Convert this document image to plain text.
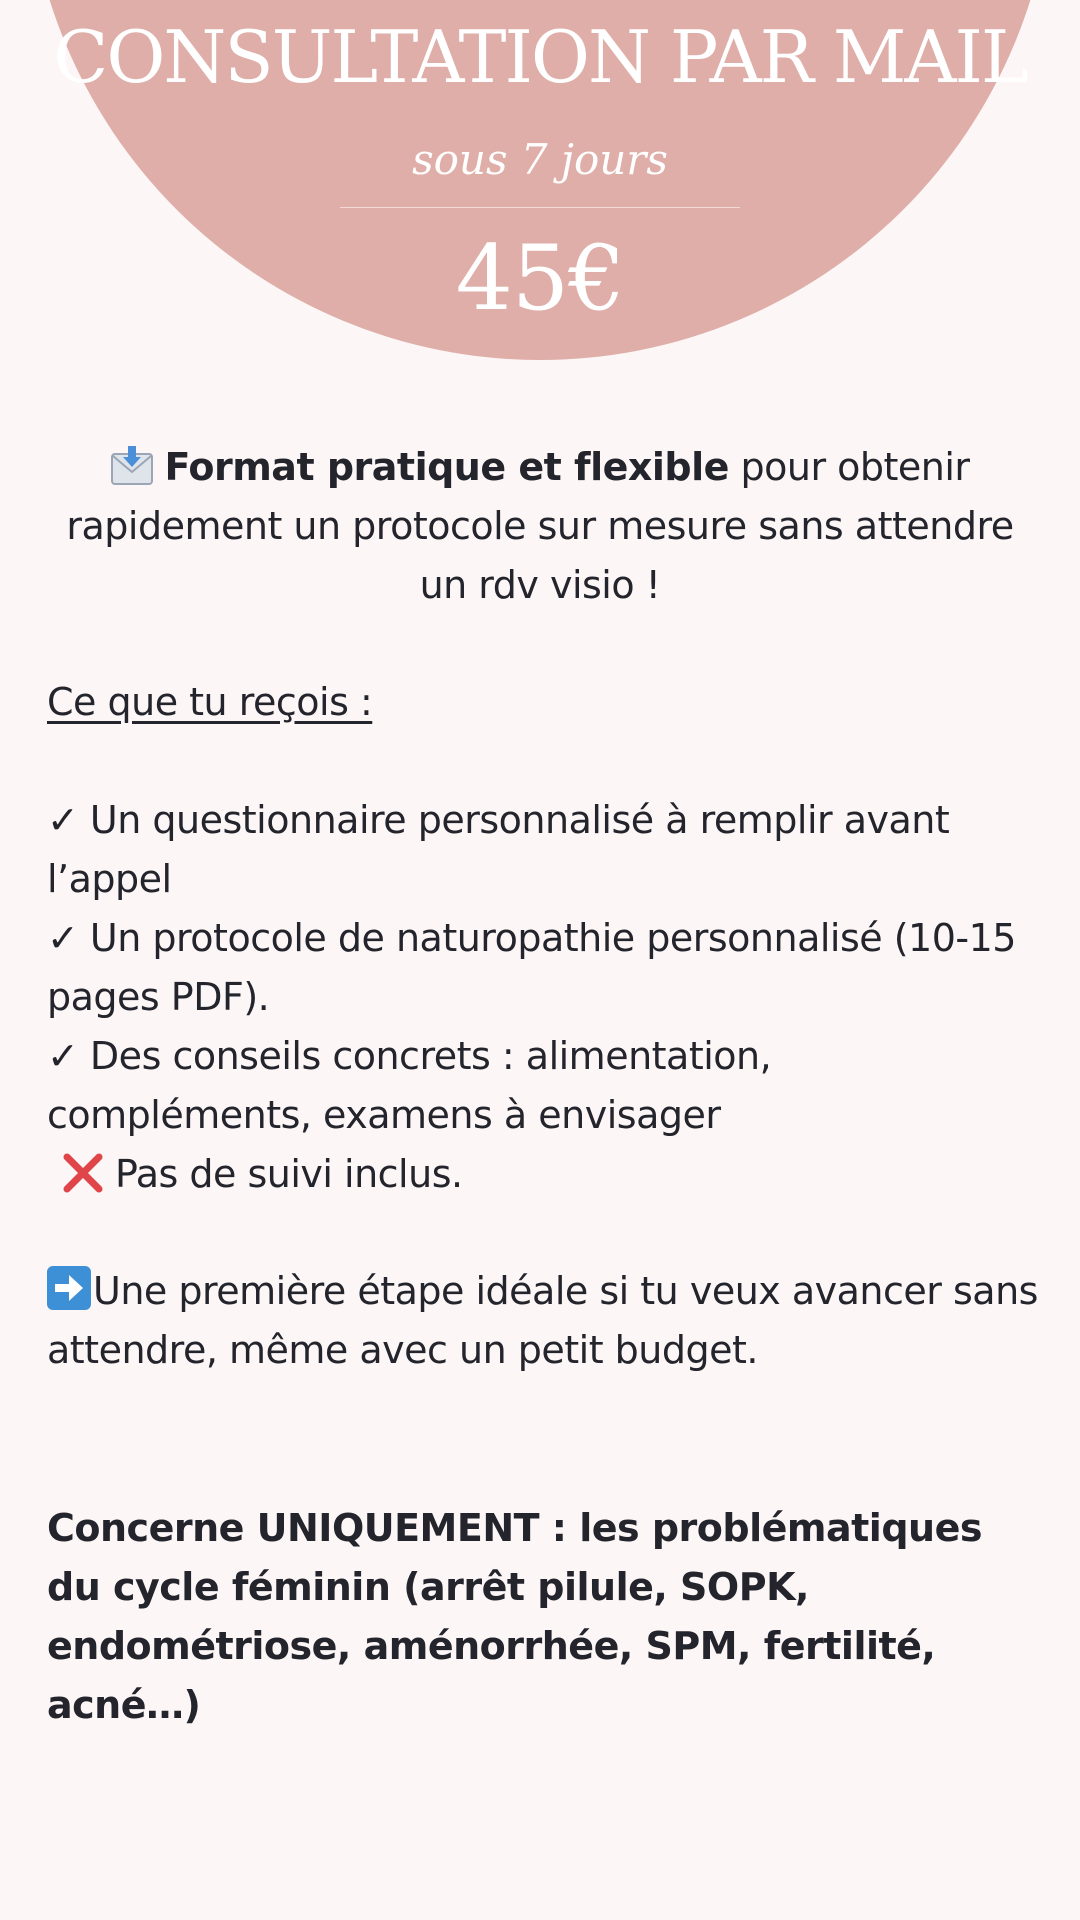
CONSULTATION PAR MAIL
sous 7 jours
45€
Format pratique et flexible pour obtenir rapidement un protocole sur mesure sans attendre un rdv visio !
Ce que tu reçois :
✓ Un questionnaire personnalisé à remplir avant l’appel
✓ Un protocole de naturopathie personnalisé (10-15 pages PDF).
✓ Des conseils concrets : alimentation, compléments, examens à envisager
Pas de suivi inclus.
Une première étape idéale si tu veux avancer sans attendre, même avec un petit budget.
Concerne UNIQUEMENT : les problématiques du cycle féminin (arrêt pilule, SOPK, endométriose, aménorrhée, SPM, fertilité, acné…)
